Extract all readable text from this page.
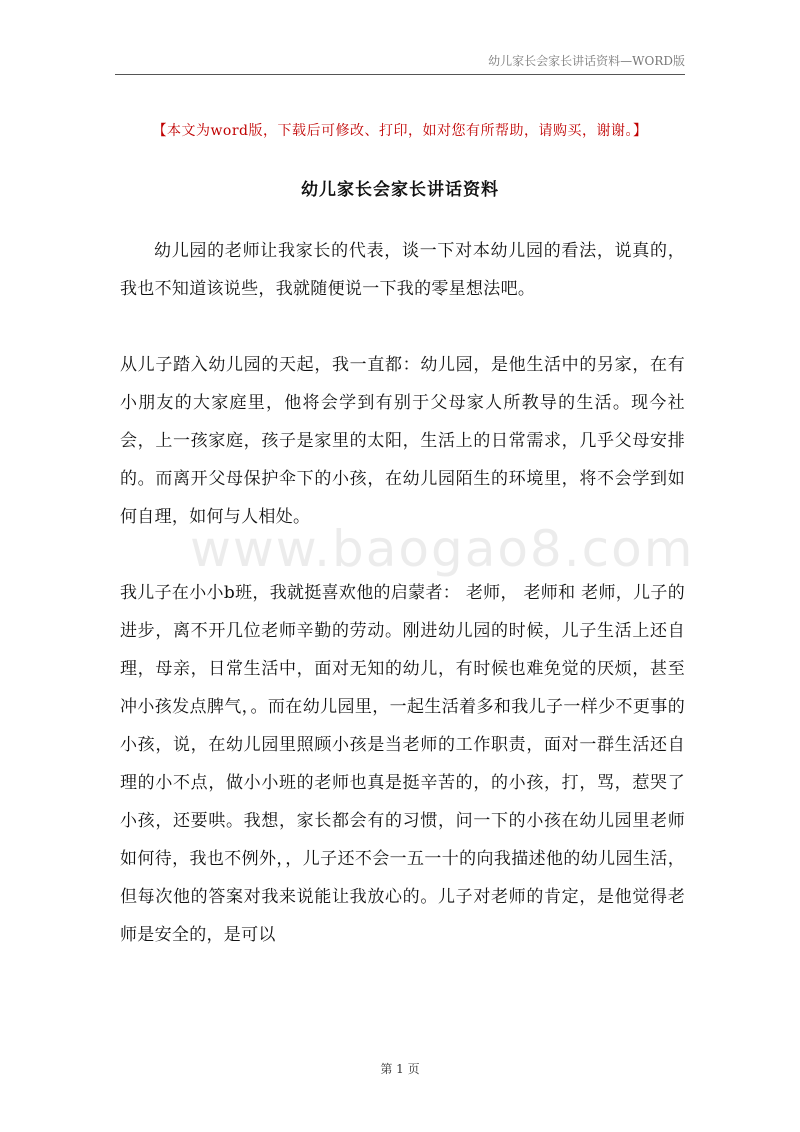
幼儿家长会家长讲话资料—WORD版
【本文为word版，下载后可修改、打印，如对您有所帮助，请购买，谢谢。】
幼儿家长会家长讲话资料

幼儿园的老师让我家长的代表，谈一下对本幼儿园的看法，说真的，我也不知道该说些，我就随便说一下我的零星想法吧。

从儿子踏入幼儿园的天起，我一直都：幼儿园，是他生活中的另家，在有小朋友的大家庭里，他将会学到有别于父母家人所教导的生活。现今社会，上一孩家庭，孩子是家里的太阳，生活上的日常需求，几乎父母安排的。而离开父母保护伞下的小孩，在幼儿园陌生的环境里，将不会学到如何自理，如何与人相处。

我儿子在小小b班，我就挺喜欢他的启蒙者： 老师， 老师和 老师，儿子的进步，离不开几位老师辛勤的劳动。刚进幼儿园的时候，儿子生活上还自理，母亲，日常生活中，面对无知的幼儿，有时候也难免觉的厌烦，甚至冲小孩发点脾气，。而在幼儿园里，一起生活着多和我儿子一样少不更事的小孩，说，在幼儿园里照顾小孩是当老师的工作职责，面对一群生活还自理的小不点，做小小班的老师也真是挺辛苦的，的小孩，打，骂，惹哭了小孩，还要哄。我想，家长都会有的习惯，问一下的小孩在幼儿园里老师如何待，我也不例外，，儿子还不会一五一十的向我描述他的幼儿园生活，但每次他的答案对我来说能让我放心的。儿子对老师的肯定，是他觉得老师是安全的，是可以

www.baogao8.com
第 1 页
